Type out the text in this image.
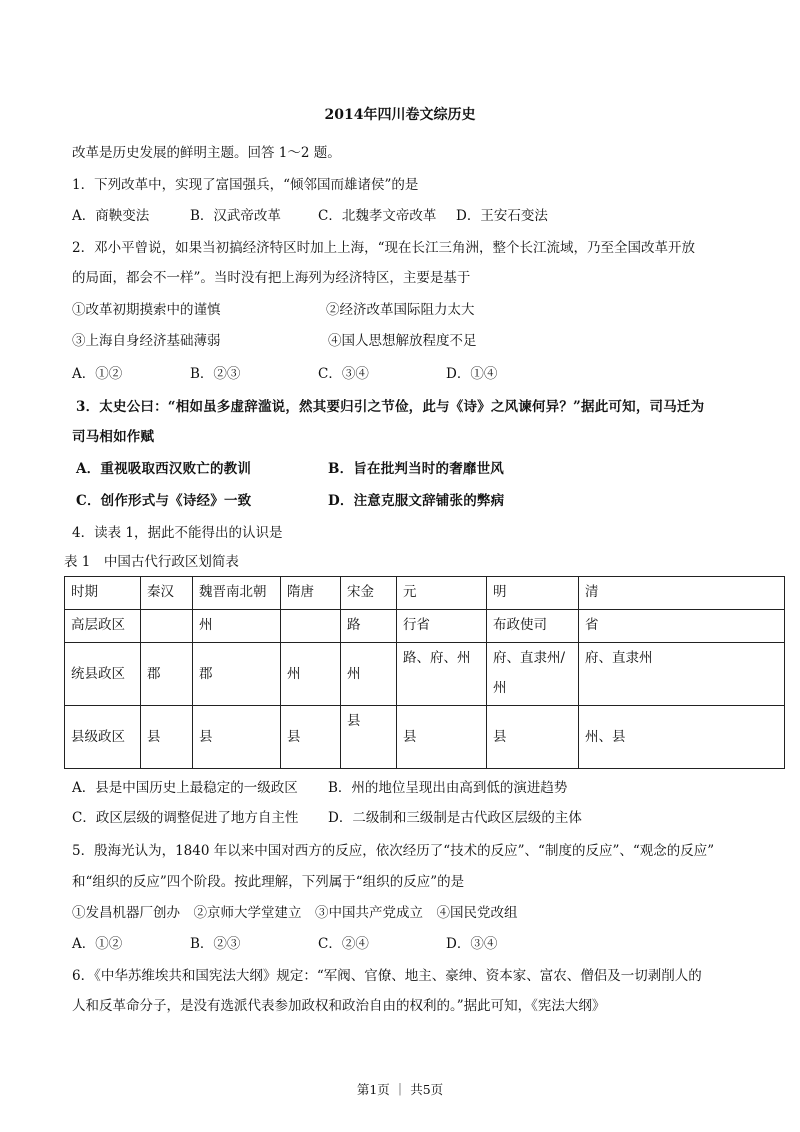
2014年四川卷文综历史
改革是历史发展的鲜明主题。回答 1～2 题。
1．下列改革中，实现了富国强兵，“倾邻国而雄诸侯”的是
A．商鞅变法	B．汉武帝改革	C．北魏孝文帝改革 D．王安石变法
2．邓小平曾说，如果当初搞经济特区时加上上海，“现在长江三角洲，整个长江流域，乃至全国改革开放
的局面，都会不一样”。当时没有把上海列为经济特区，主要是基于
①改革初期摸索中的谨慎	②经济改革国际阻力太大
③上海自身经济基础薄弱	④国人思想解放程度不足
A．①②	B．②③	C．③④	D．①④
3．太史公曰：“相如虽多虚辞滥说，然其要归引之节俭，此与《诗》之风谏何异？”据此可知，司马迁为
司马相如作赋
A．重视吸取西汉败亡的教训	B．旨在批判当时的奢靡世风
C．创作形式与《诗经》一致	D．注意克服文辞铺张的弊病
4．读表 1，据此不能得出的认识是
表 1　中国古代行政区划简表
时期	秦汉	魏晋南北朝	隋唐	宋金	元	明	清
高层政区		州		路	行省	布政使司	省
统县政区	郡	郡	州	州	路、府、州	府、直隶州/州	府、直隶州
县级政区	县	县	县	县	县	县	州、县
A．县是中国历史上最稳定的一级政区 B．州的地位呈现出由高到低的演进趋势
C．政区层级的调整促进了地方自主性 D．二级制和三级制是古代政区层级的主体
5．殷海光认为，1840 年以来中国对西方的反应，依次经历了“技术的反应”、“制度的反应”、“观念的反应”
和“组织的反应”四个阶段。按此理解，下列属于“组织的反应”的是
①发昌机器厂创办　②京师大学堂建立　③中国共产党成立　④国民党改组
A．①②	B．②③	C．②④	D．③④
6．《中华苏维埃共和国宪法大纲》规定：“军阀、官僚、地主、豪绅、资本家、富农、僧侣及一切剥削人的
人和反革命分子，是没有选派代表参加政权和政治自由的权利的。”据此可知，《宪法大纲》
第1页 ｜ 共5页
